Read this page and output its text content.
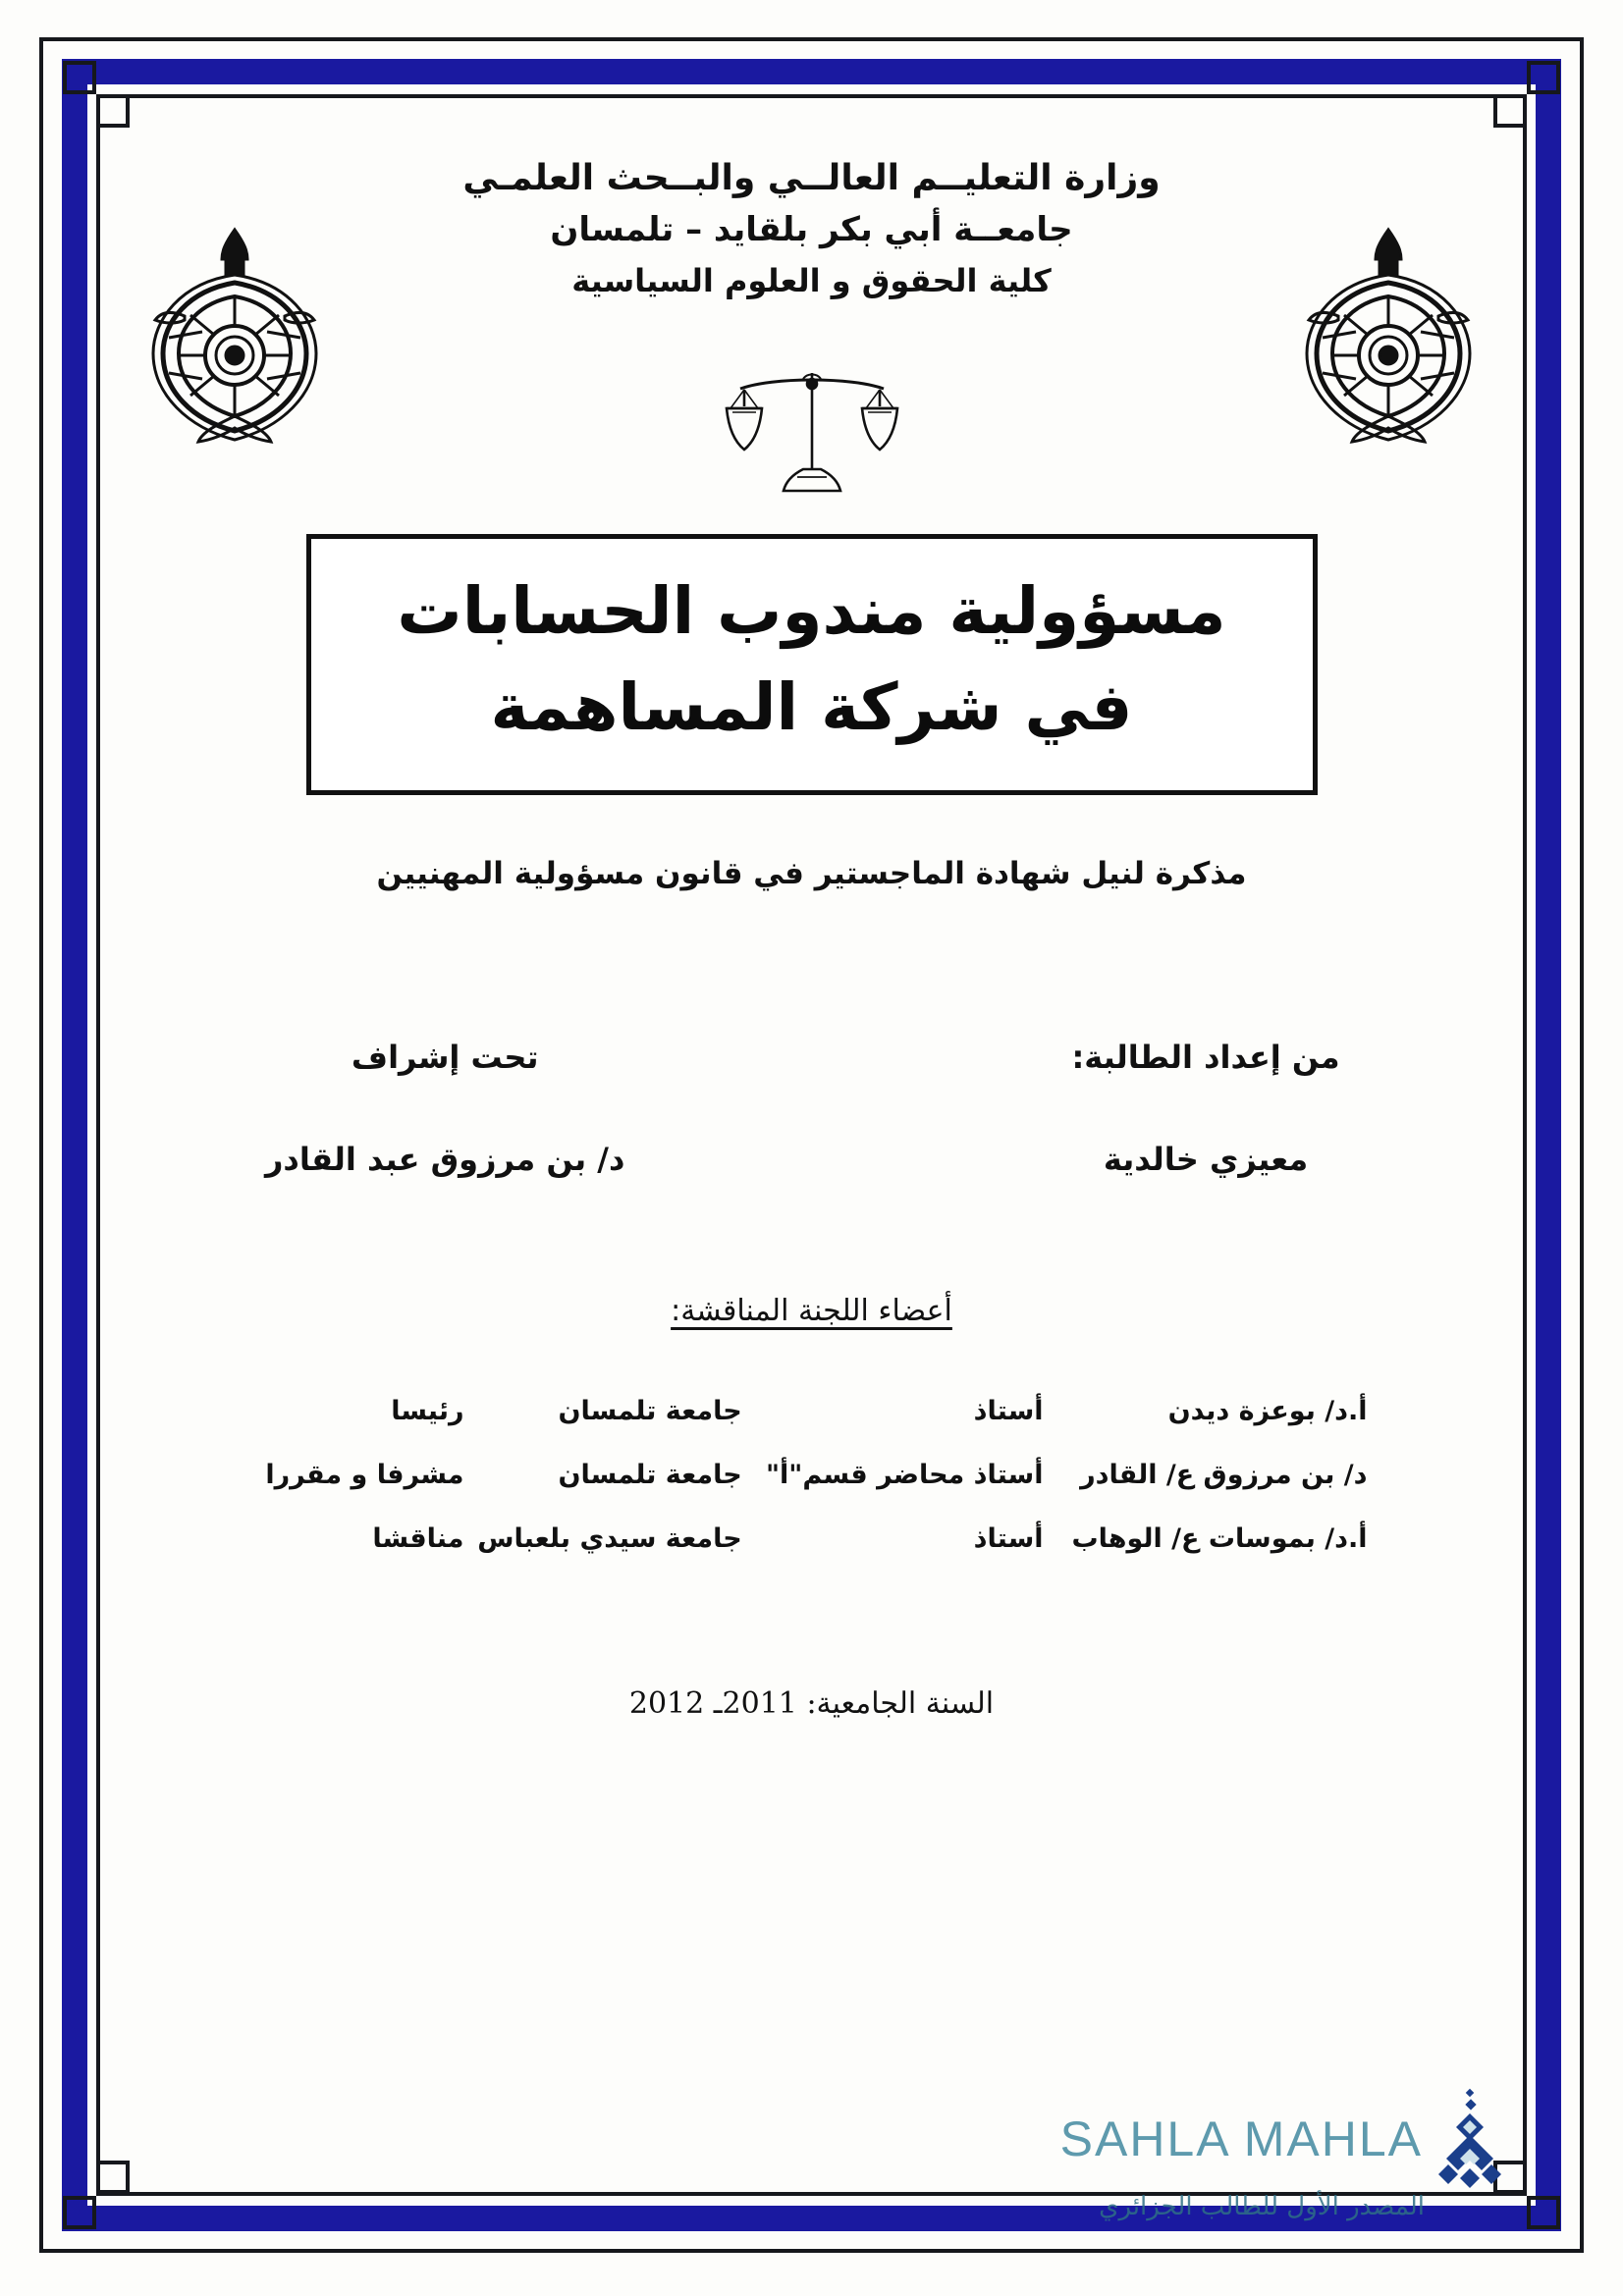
وزارة التعليــم العالــي والبــحث العلمـي
جامعــة أبي بكر بلقايد – تلمسان
كلية الحقوق و العلوم السياسية
مسؤولية مندوب الحسابات
في شركة المساهمة
مذكرة لنيل شهادة الماجستير في قانون مسؤولية المهنيين
من إعداد الطالبة:
معيزي خالدية
تحت إشراف
د/ بن مرزوق عبد القادر
أعضاء اللجنة المناقشة:
أ.د/ بوعزة ديدن	أستاذ	جامعة تلمسان	رئيسا
د/ بن مرزوق ع/ القادر	أستاذ محاضر قسم"أ"	جامعة تلمسان	مشرفا و مقررا
أ.د/ بموسات ع/ الوهاب	أستاذ	جامعة سيدي بلعباس	مناقشا
السنة الجامعية: 2011ـ 2012
SAHLA MAHLA
المصدر الأول للطالب الجزائري
